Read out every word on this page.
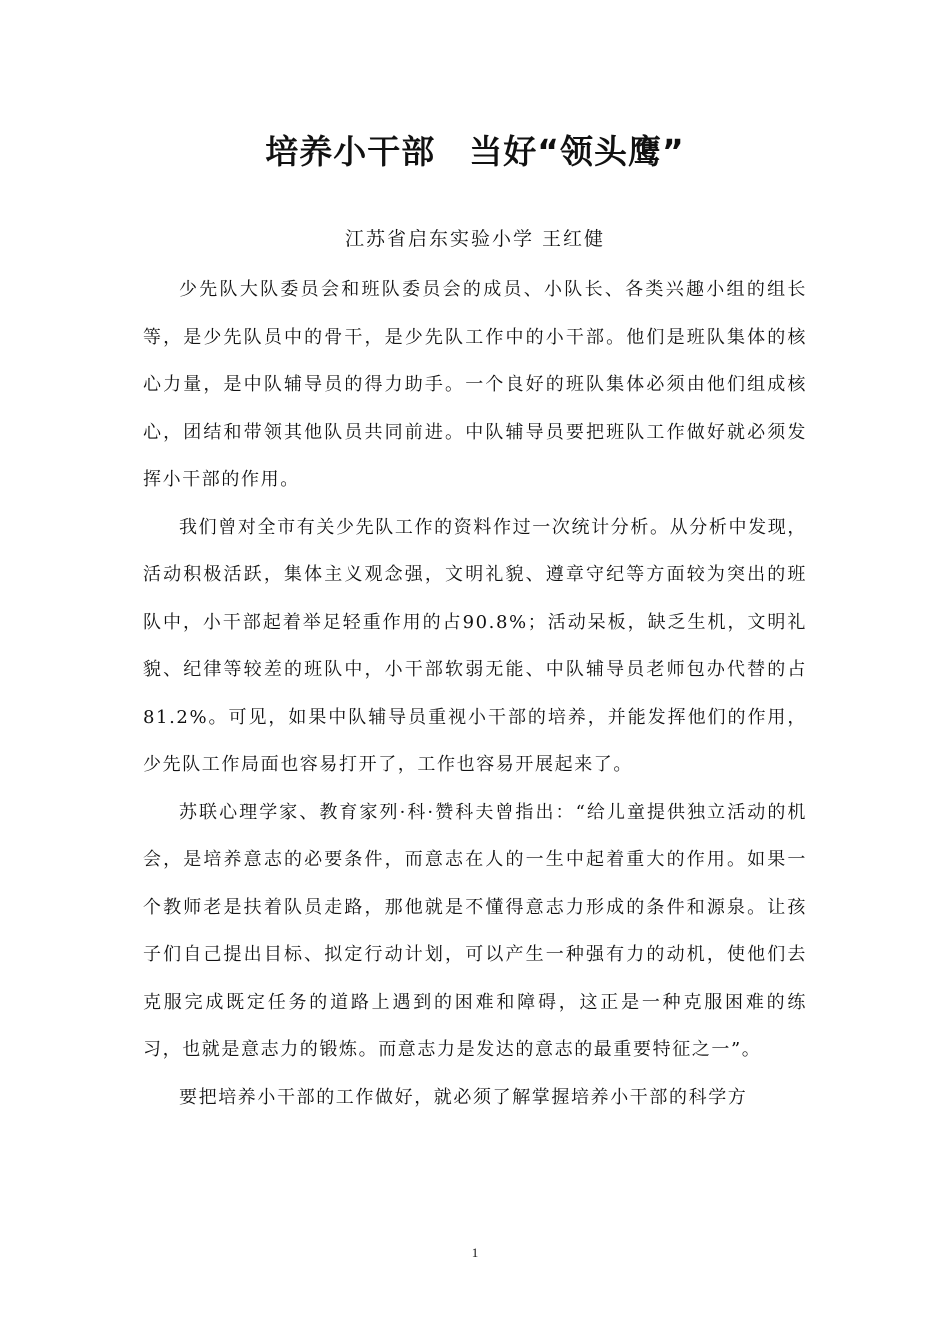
培养小干部　当好“领头鹰”
江苏省启东实验小学 王红健

少先队大队委员会和班队委员会的成员、小队长、各类兴趣小组的组长等，是少先队员中的骨干，是少先队工作中的小干部。他们是班队集体的核心力量，是中队辅导员的得力助手。一个良好的班队集体必须由他们组成核心，团结和带领其他队员共同前进。中队辅导员要把班队工作做好就必须发挥小干部的作用。

我们曾对全市有关少先队工作的资料作过一次统计分析。从分析中发现，活动积极活跃，集体主义观念强，文明礼貌、遵章守纪等方面较为突出的班队中，小干部起着举足轻重作用的占90.8%；活动呆板，缺乏生机，文明礼貌、纪律等较差的班队中，小干部软弱无能、中队辅导员老师包办代替的占81.2%。可见，如果中队辅导员重视小干部的培养，并能发挥他们的作用，少先队工作局面也容易打开了，工作也容易开展起来了。

苏联心理学家、教育家列·科·赞科夫曾指出：“给儿童提供独立活动的机会，是培养意志的必要条件，而意志在人的一生中起着重大的作用。如果一个教师老是扶着队员走路，那他就是不懂得意志力形成的条件和源泉。让孩子们自己提出目标、拟定行动计划，可以产生一种强有力的动机，使他们去克服完成既定任务的道路上遇到的困难和障碍，这正是一种克服困难的练习，也就是意志力的锻炼。而意志力是发达的意志的最重要特征之一”。

要把培养小干部的工作做好，就必须了解掌握培养小干部的科学方

1
